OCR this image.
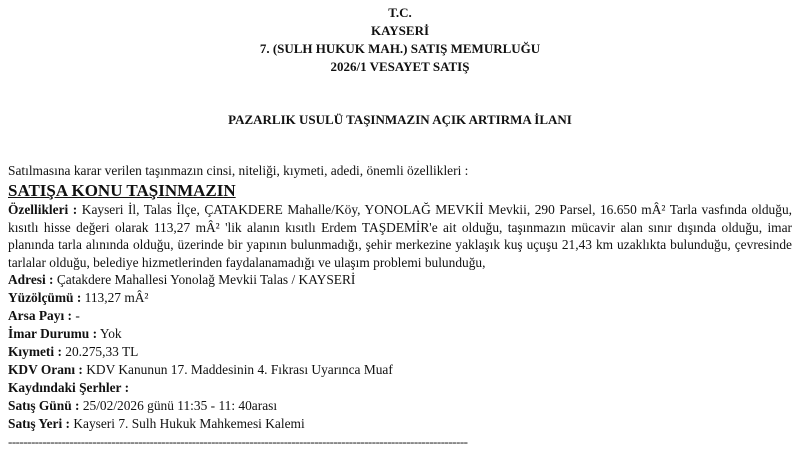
T.C.
KAYSERİ
7. (SULH HUKUK MAH.) SATIŞ MEMURLUĞU
2026/1 VESAYET SATIŞ
PAZARLIK USULÜ TAŞINMAZIN AÇIK ARTIRMA İLANI
Satılmasına karar verilen taşınmazın cinsi, niteliği, kıymeti, adedi, önemli özellikleri :
SATIŞA KONU TAŞINMAZIN
Özellikleri : Kayseri İl, Talas İlçe, ÇATAKDERE Mahalle/Köy, YONOLAĞ MEVKİİ Mevkii, 290 Parsel, 16.650 mÂ² Tarla vasfında olduğu, kısıtlı hisse değeri olarak 113,27 mÂ² 'lik alanın kısıtlı Erdem TAŞDEMİR'e ait olduğu, taşınmazın mücavir alan sınır dışında olduğu, imar planında tarla alınında olduğu, üzerinde bir yapının bulunmadığı, şehir merkezine yaklaşık kuş uçuşu 21,43 km uzaklıkta bulunduğu, çevresinde tarlalar olduğu, belediye hizmetlerinden faydalanamadığı ve ulaşım problemi bulunduğu,
Adresi : Çatakdere Mahallesi Yonolağ Mevkii Talas / KAYSERİ
Yüzölçümü : 113,27 mÂ²
Arsa Payı : -
İmar Durumu : Yok
Kıymeti : 20.275,33 TL
KDV Oranı : KDV Kanunun 17. Maddesinin 4. Fıkrası Uyarınca Muaf
Kaydındaki Şerhler :
Satış Günü : 25/02/2026 günü 11:35 - 11: 40arası
Satış Yeri : Kayseri 7. Sulh Hukuk Mahkemesi Kalemi
------------------------------------------------------------------------------------------------------------------------
